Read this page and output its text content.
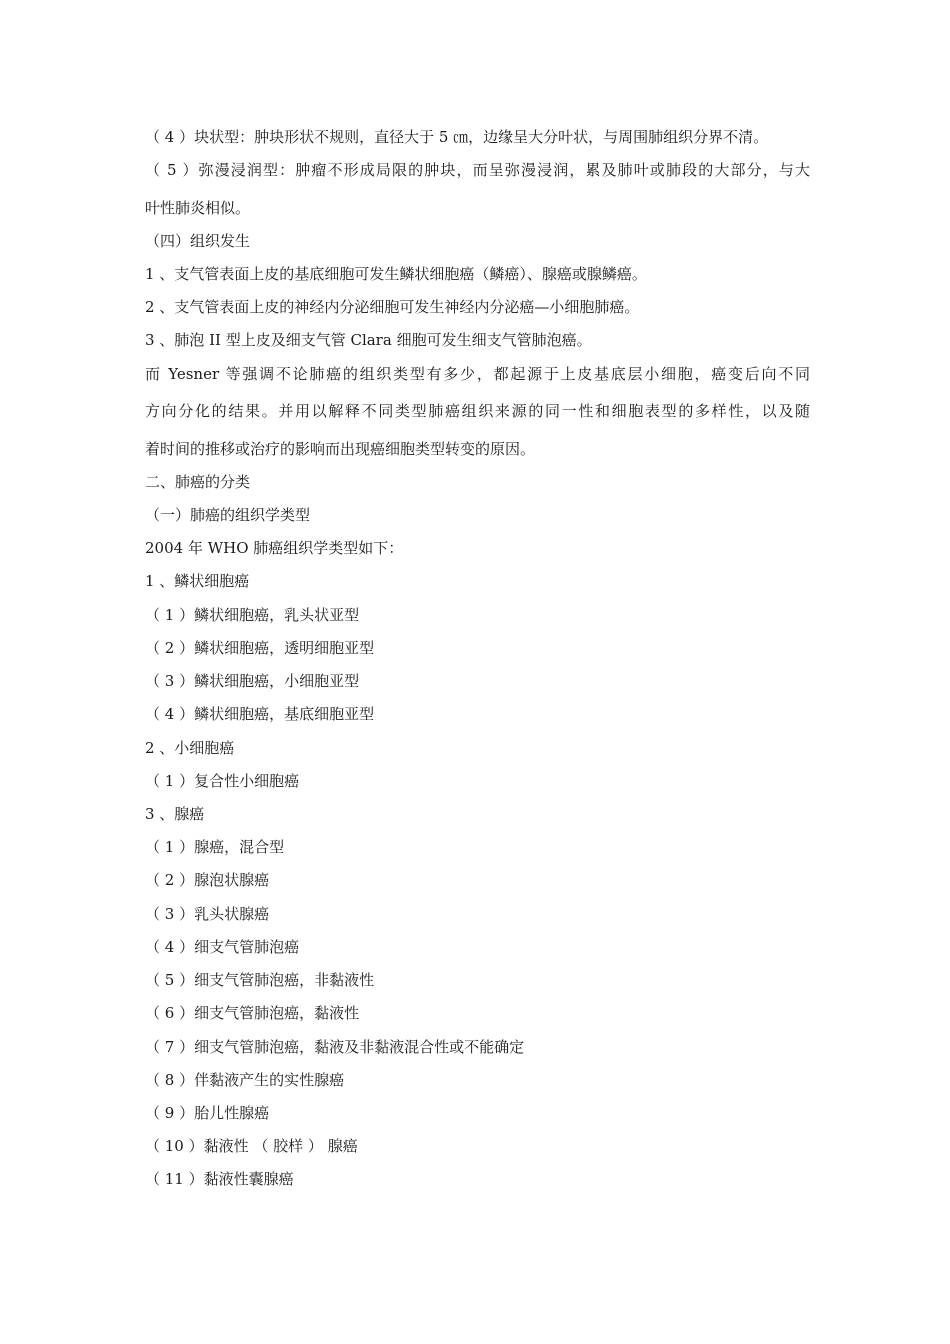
（ 4 ）块状型：肿块形状不规则，直径大于 5 ㎝，边缘呈大分叶状，与周围肺组织分界不清。
（ 5 ）弥漫浸润型：肿瘤不形成局限的肿块，而呈弥漫浸润，累及肺叶或肺段的大部分，与大
叶性肺炎相似。
（四）组织发生
1 、支气管表面上皮的基底细胞可发生鳞状细胞癌（鳞癌）、腺癌或腺鳞癌。
2 、支气管表面上皮的神经内分泌细胞可发生神经内分泌癌—小细胞肺癌。
3 、肺泡 II 型上皮及细支气管 Clara 细胞可发生细支气管肺泡癌。
而 Yesner 等强调不论肺癌的组织类型有多少，都起源于上皮基底层小细胞，癌变后向不同
方向分化的结果。并用以解释不同类型肺癌组织来源的同一性和细胞表型的多样性，以及随
着时间的推移或治疗的影响而出现癌细胞类型转变的原因。
二、肺癌的分类
（一）肺癌的组织学类型
2004 年 WHO 肺癌组织学类型如下：
1 、鳞状细胞癌
（ 1 ）鳞状细胞癌，乳头状亚型
（ 2 ）鳞状细胞癌，透明细胞亚型
（ 3 ）鳞状细胞癌，小细胞亚型
（ 4 ）鳞状细胞癌，基底细胞亚型
2 、小细胞癌
（ 1 ）复合性小细胞癌
3 、腺癌
（ 1 ）腺癌，混合型
（ 2 ）腺泡状腺癌
（ 3 ）乳头状腺癌
（ 4 ）细支气管肺泡癌
（ 5 ）细支气管肺泡癌，非黏液性
（ 6 ）细支气管肺泡癌，黏液性
（ 7 ）细支气管肺泡癌，黏液及非黏液混合性或不能确定
（ 8 ）伴黏液产生的实性腺癌
（ 9 ）胎儿性腺癌
（ 10 ）黏液性 （ 胶样 ） 腺癌
（ 11 ）黏液性囊腺癌
